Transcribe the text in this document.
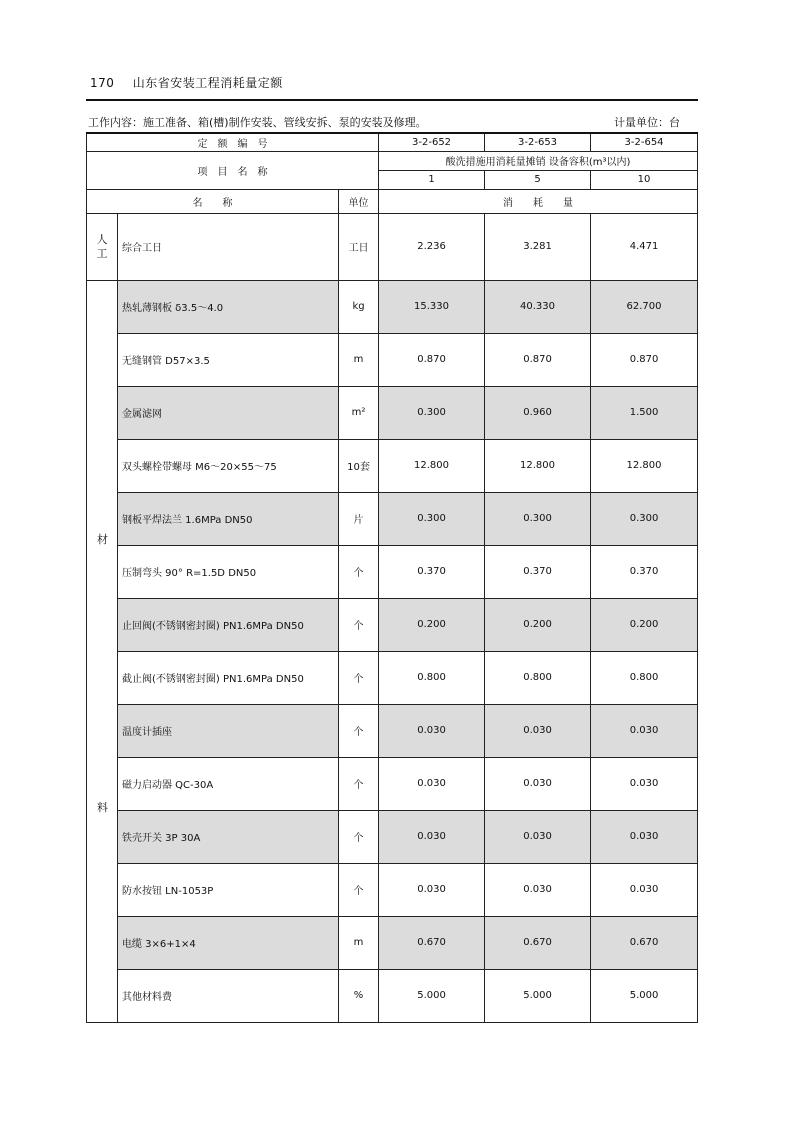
170 山东省安装工程消耗量定额
工作内容：施工准备、箱(槽)制作安装、管线安拆、泵的安装及修理。	计量单位：台
定　额　编　号			3-2-652	3-2-653	3-2-654
项　目　名　称			酸洗措施用消耗量摊销 设备容积(m³以内)		
			1	5	10
名　　称		单位	消　　耗　　量		
人
工	综合工日	工日	2.236	3.281	4.471

材
料	热轧薄钢板 δ3.5～4.0	kg	15.330	40.330	62.700
	无缝钢管 D57×3.5	m	0.870	0.870	0.870
	金属滤网	m²	0.300	0.960	1.500
	双头螺栓带螺母 M6～20×55～75	10套	12.800	12.800	12.800
	钢板平焊法兰 1.6MPa DN50	片	0.300	0.300	0.300
	压制弯头 90° R=1.5D DN50	个	0.370	0.370	0.370
	止回阀(不锈钢密封圈) PN1.6MPa DN50	个	0.200	0.200	0.200
	截止阀(不锈钢密封圈) PN1.6MPa DN50	个	0.800	0.800	0.800
	温度计插座	个	0.030	0.030	0.030
	磁力启动器 QC-30A	个	0.030	0.030	0.030
	铁壳开关 3P 30A	个	0.030	0.030	0.030
	防水按钮 LN-1053P	个	0.030	0.030	0.030
	电缆 3×6+1×4	m	0.670	0.670	0.670
	其他材料费	%	5.000	5.000	5.000
